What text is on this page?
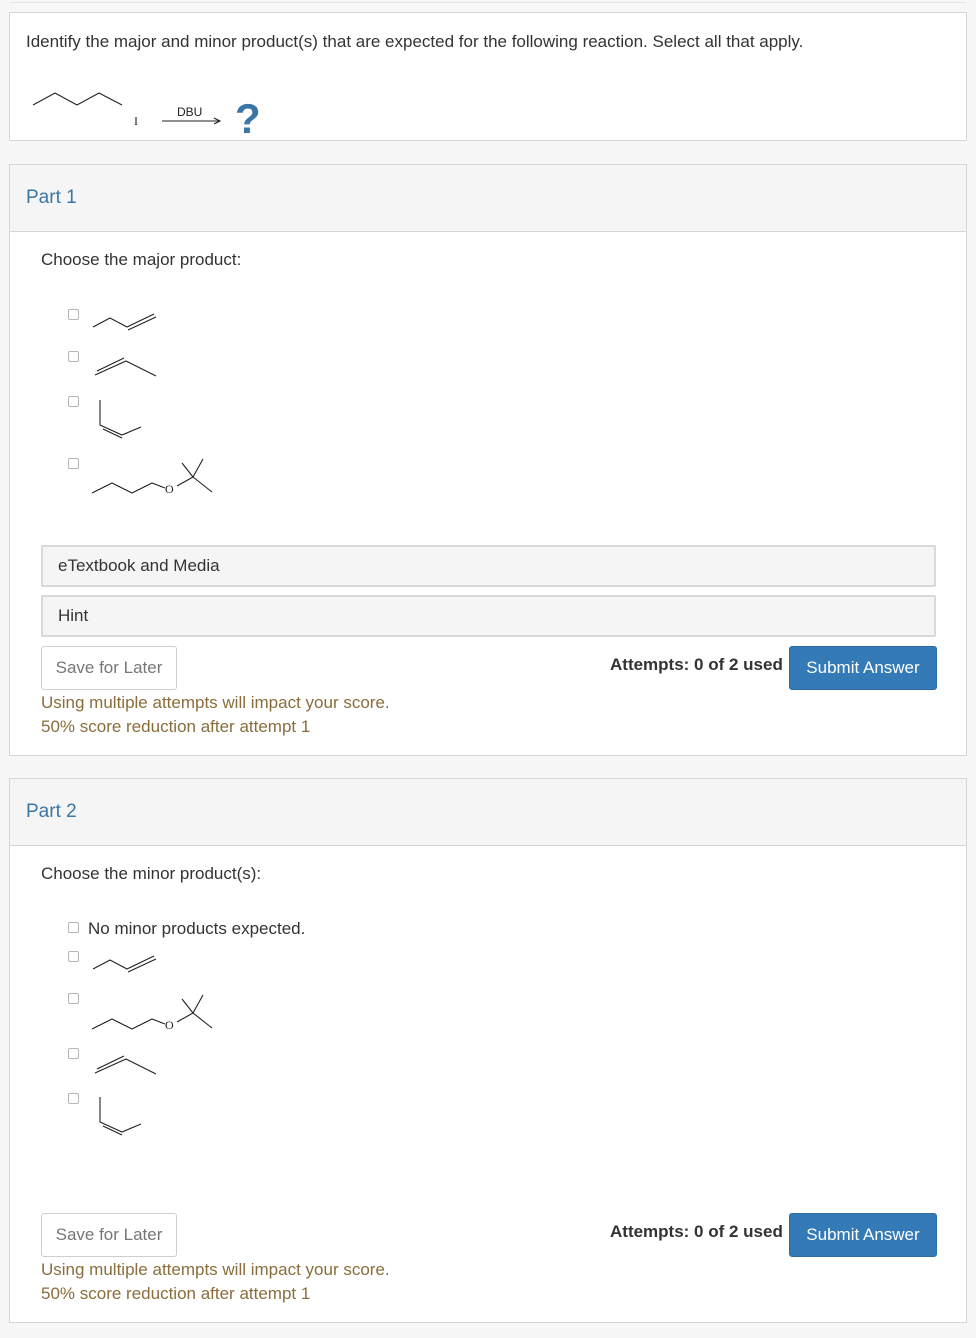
Identify the major and minor product(s) that are expected for the following reaction. Select all that apply.
I
DBU ?
Part 1
Choose the major product:
O
eTextbook and Media
Hint
Save for Later	Attempts: 0 of 2 used	Submit Answer
Using multiple attempts will impact your score.
50% score reduction after attempt 1
Part 2
Choose the minor product(s):
No minor products expected.
O
Save for Later	Attempts: 0 of 2 used	Submit Answer
Using multiple attempts will impact your score.
50% score reduction after attempt 1
